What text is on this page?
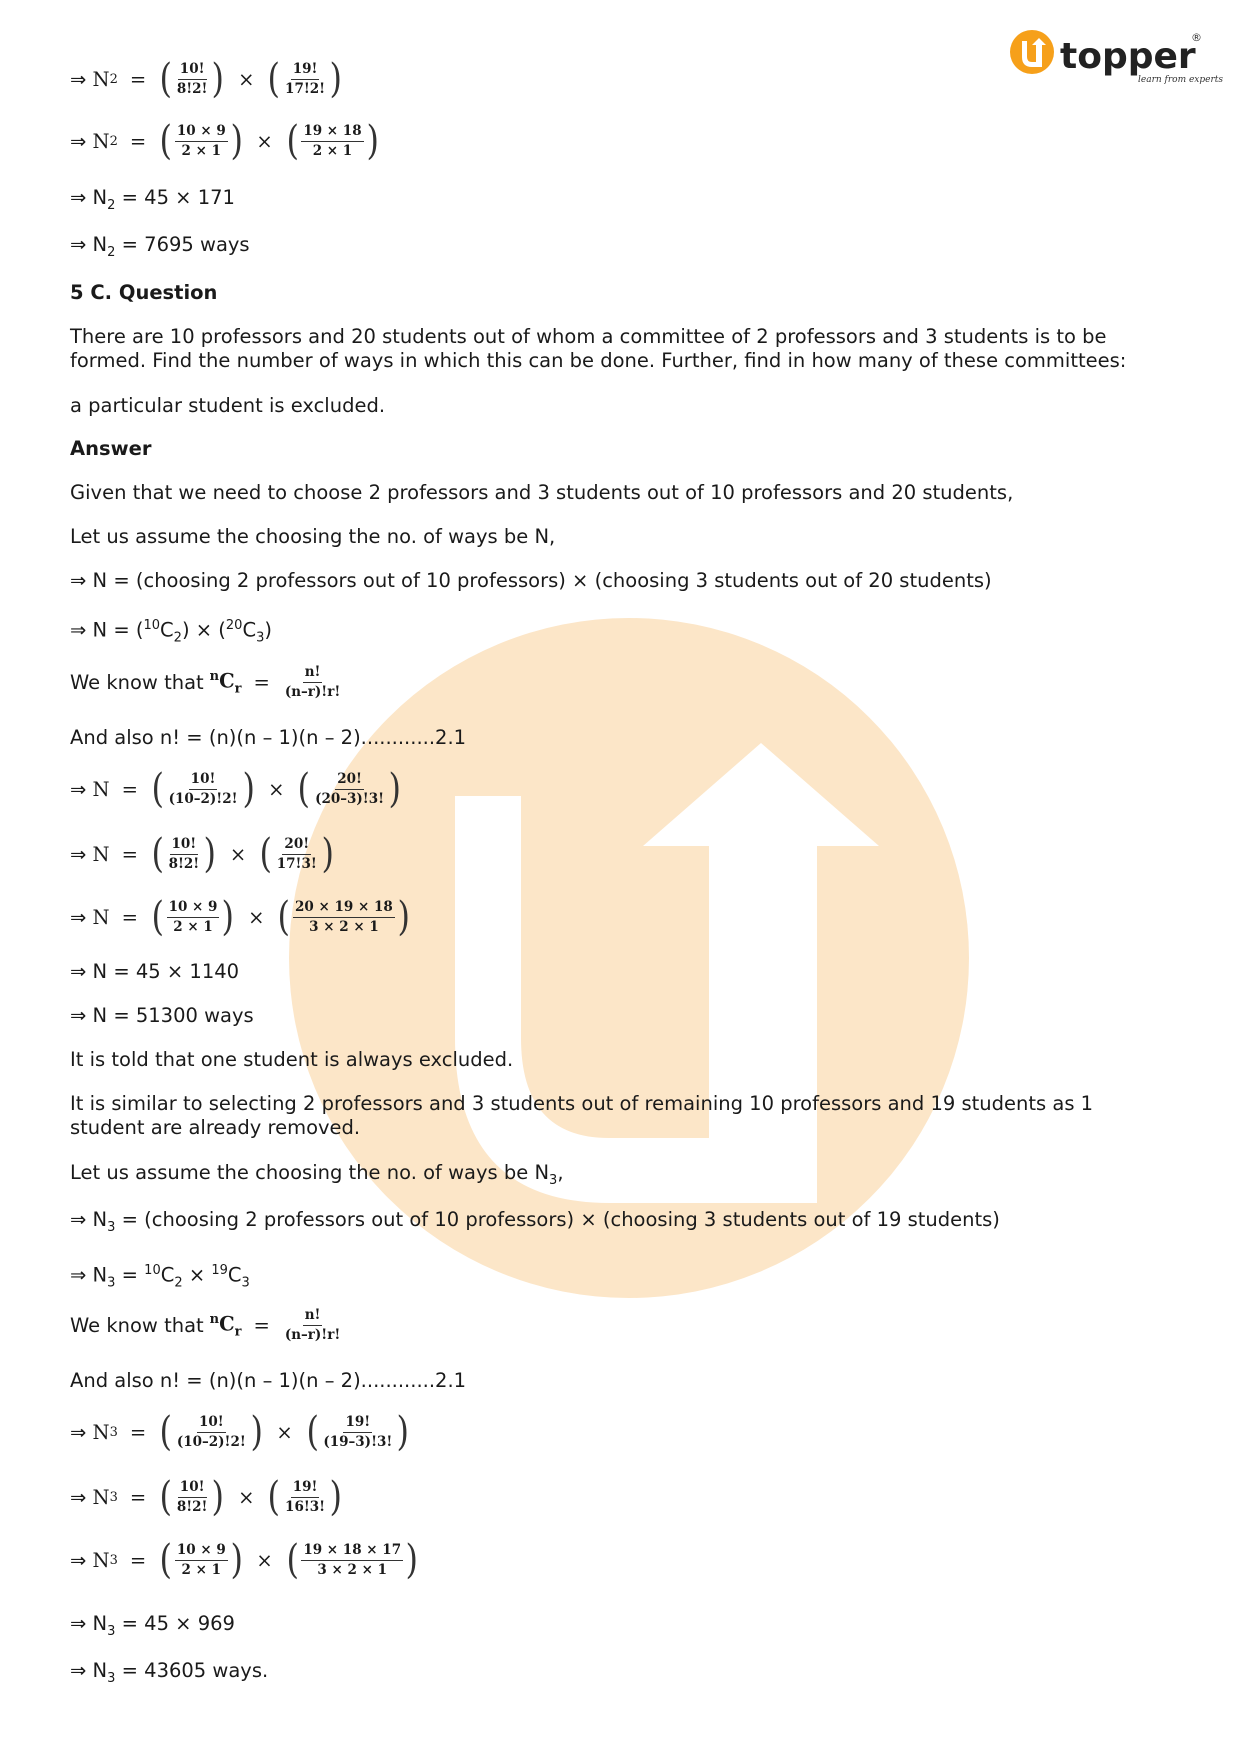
topper
learn from experts
®
⇒
N 2 = ( $\frac{10!}{8!2!}$ ) × ( $\frac{19!}{17!2!}$ )
⇒
N 2 = ( $\frac{10 \times 9}{2 \times 1}$ ) × ( $\frac{19 \times 18}{2 \times 1}$ )
⇒ $N_2 = 45 \times 171$
⇒ $N_2 = 7695$ ways
5 C. Question
There are 10 professors and 20 students out of whom a committee of 2 professors and 3 students is to be formed. Find the number of ways in which this can be done. Further, find in how many of these committees:
a particular student is excluded.
Answer
Given that we need to choose 2 professors and 3 students out of 10 professors and 20 students,
Let us assume the choosing the no. of ways be N,
⇒ N = (choosing 2 professors out of 10 professors) × (choosing 3 students out of 20 students)
⇒ $N = (^{10}C_2) \times (^{20}C_3)$
We know that $^nC_r = \frac{n!}{(n-r)!r!}$
And also n! = (n)(n – 1)(n – 2)............2.1
⇒
N = ( $\frac{10!}{(10-2)!2!}$ ) × ( $\frac{20!}{(20-3)!3!}$ )
⇒
N = ( $\frac{10!}{8!2!}$ ) × ( $\frac{20!}{17!3!}$ )
⇒
N = ( $\frac{10 \times 9}{2 \times 1}$ ) × ( $\frac{20 \times 19 \times 18}{3 \times 2 \times 1}$ )
⇒ N = 45 × 1140
⇒ N = 51300 ways
It is told that one student is always excluded.
It is similar to selecting 2 professors and 3 students out of remaining 10 professors and 19 students as 1 student are already removed.
Let us assume the choosing the no. of ways be $N_3$,
⇒ $N_3$ = (choosing 2 professors out of 10 professors) × (choosing 3 students out of 19 students)
⇒ $N_3 = ^{10}C_2 \times ^{19}C_3$
We know that $^nC_r = \frac{n!}{(n-r)!r!}$
And also n! = (n)(n – 1)(n – 2)............2.1
⇒
N 3 = ( $\frac{10!}{(10-2)!2!}$ ) × ( $\frac{19!}{(19-3)!3!}$ )
⇒
N 3 = ( $\frac{10!}{8!2!}$ ) × ( $\frac{19!}{16!3!}$ )
⇒
N 3 = ( $\frac{10 \times 9}{2 \times 1}$ ) × ( $\frac{19 \times 18 \times 17}{3 \times 2 \times 1}$ )
⇒ $N_3 = 45 \times 969$
⇒ $N_3 = 43605$ ways.
